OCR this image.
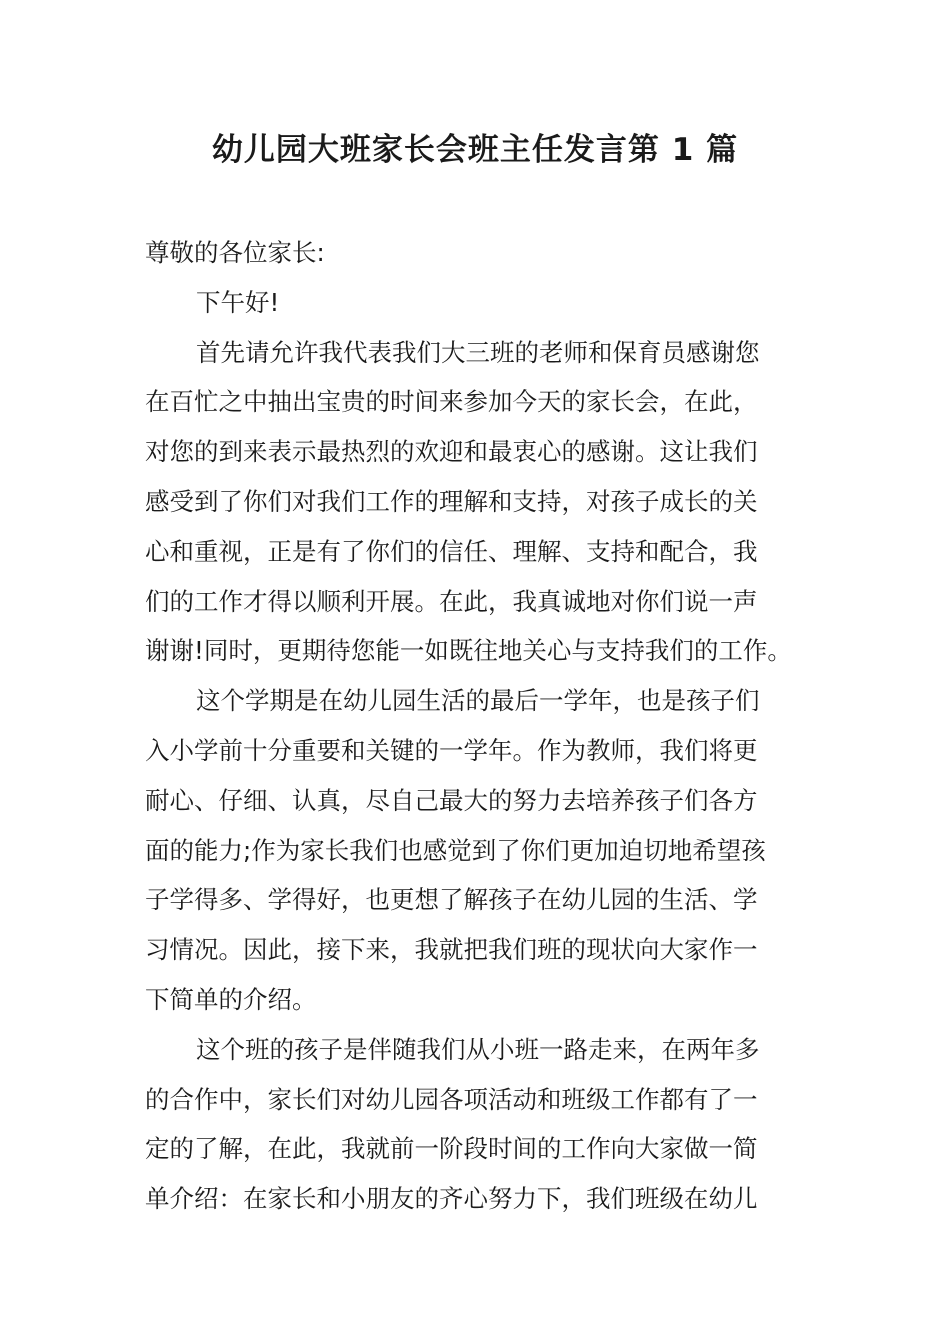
幼儿园大班家长会班主任发言第 1 篇
尊敬的各位家长:
下午好!
首先请允许我代表我们大三班的老师和保育员感谢您
在百忙之中抽出宝贵的时间来参加今天的家长会，在此，
对您的到来表示最热烈的欢迎和最衷心的感谢。这让我们
感受到了你们对我们工作的理解和支持，对孩子成长的关
心和重视，正是有了你们的信任、理解、支持和配合，我
们的工作才得以顺利开展。在此，我真诚地对你们说一声
谢谢!同时，更期待您能一如既往地关心与支持我们的工作。
这个学期是在幼儿园生活的最后一学年，也是孩子们
入小学前十分重要和关键的一学年。作为教师，我们将更
耐心、仔细、认真，尽自己最大的努力去培养孩子们各方
面的能力;作为家长我们也感觉到了你们更加迫切地希望孩
子学得多、学得好，也更想了解孩子在幼儿园的生活、学
习情况。因此，接下来，我就把我们班的现状向大家作一
下简单的介绍。
这个班的孩子是伴随我们从小班一路走来，在两年多
的合作中，家长们对幼儿园各项活动和班级工作都有了一
定的了解，在此，我就前一阶段时间的工作向大家做一简
单介绍：在家长和小朋友的齐心努力下，我们班级在幼儿
